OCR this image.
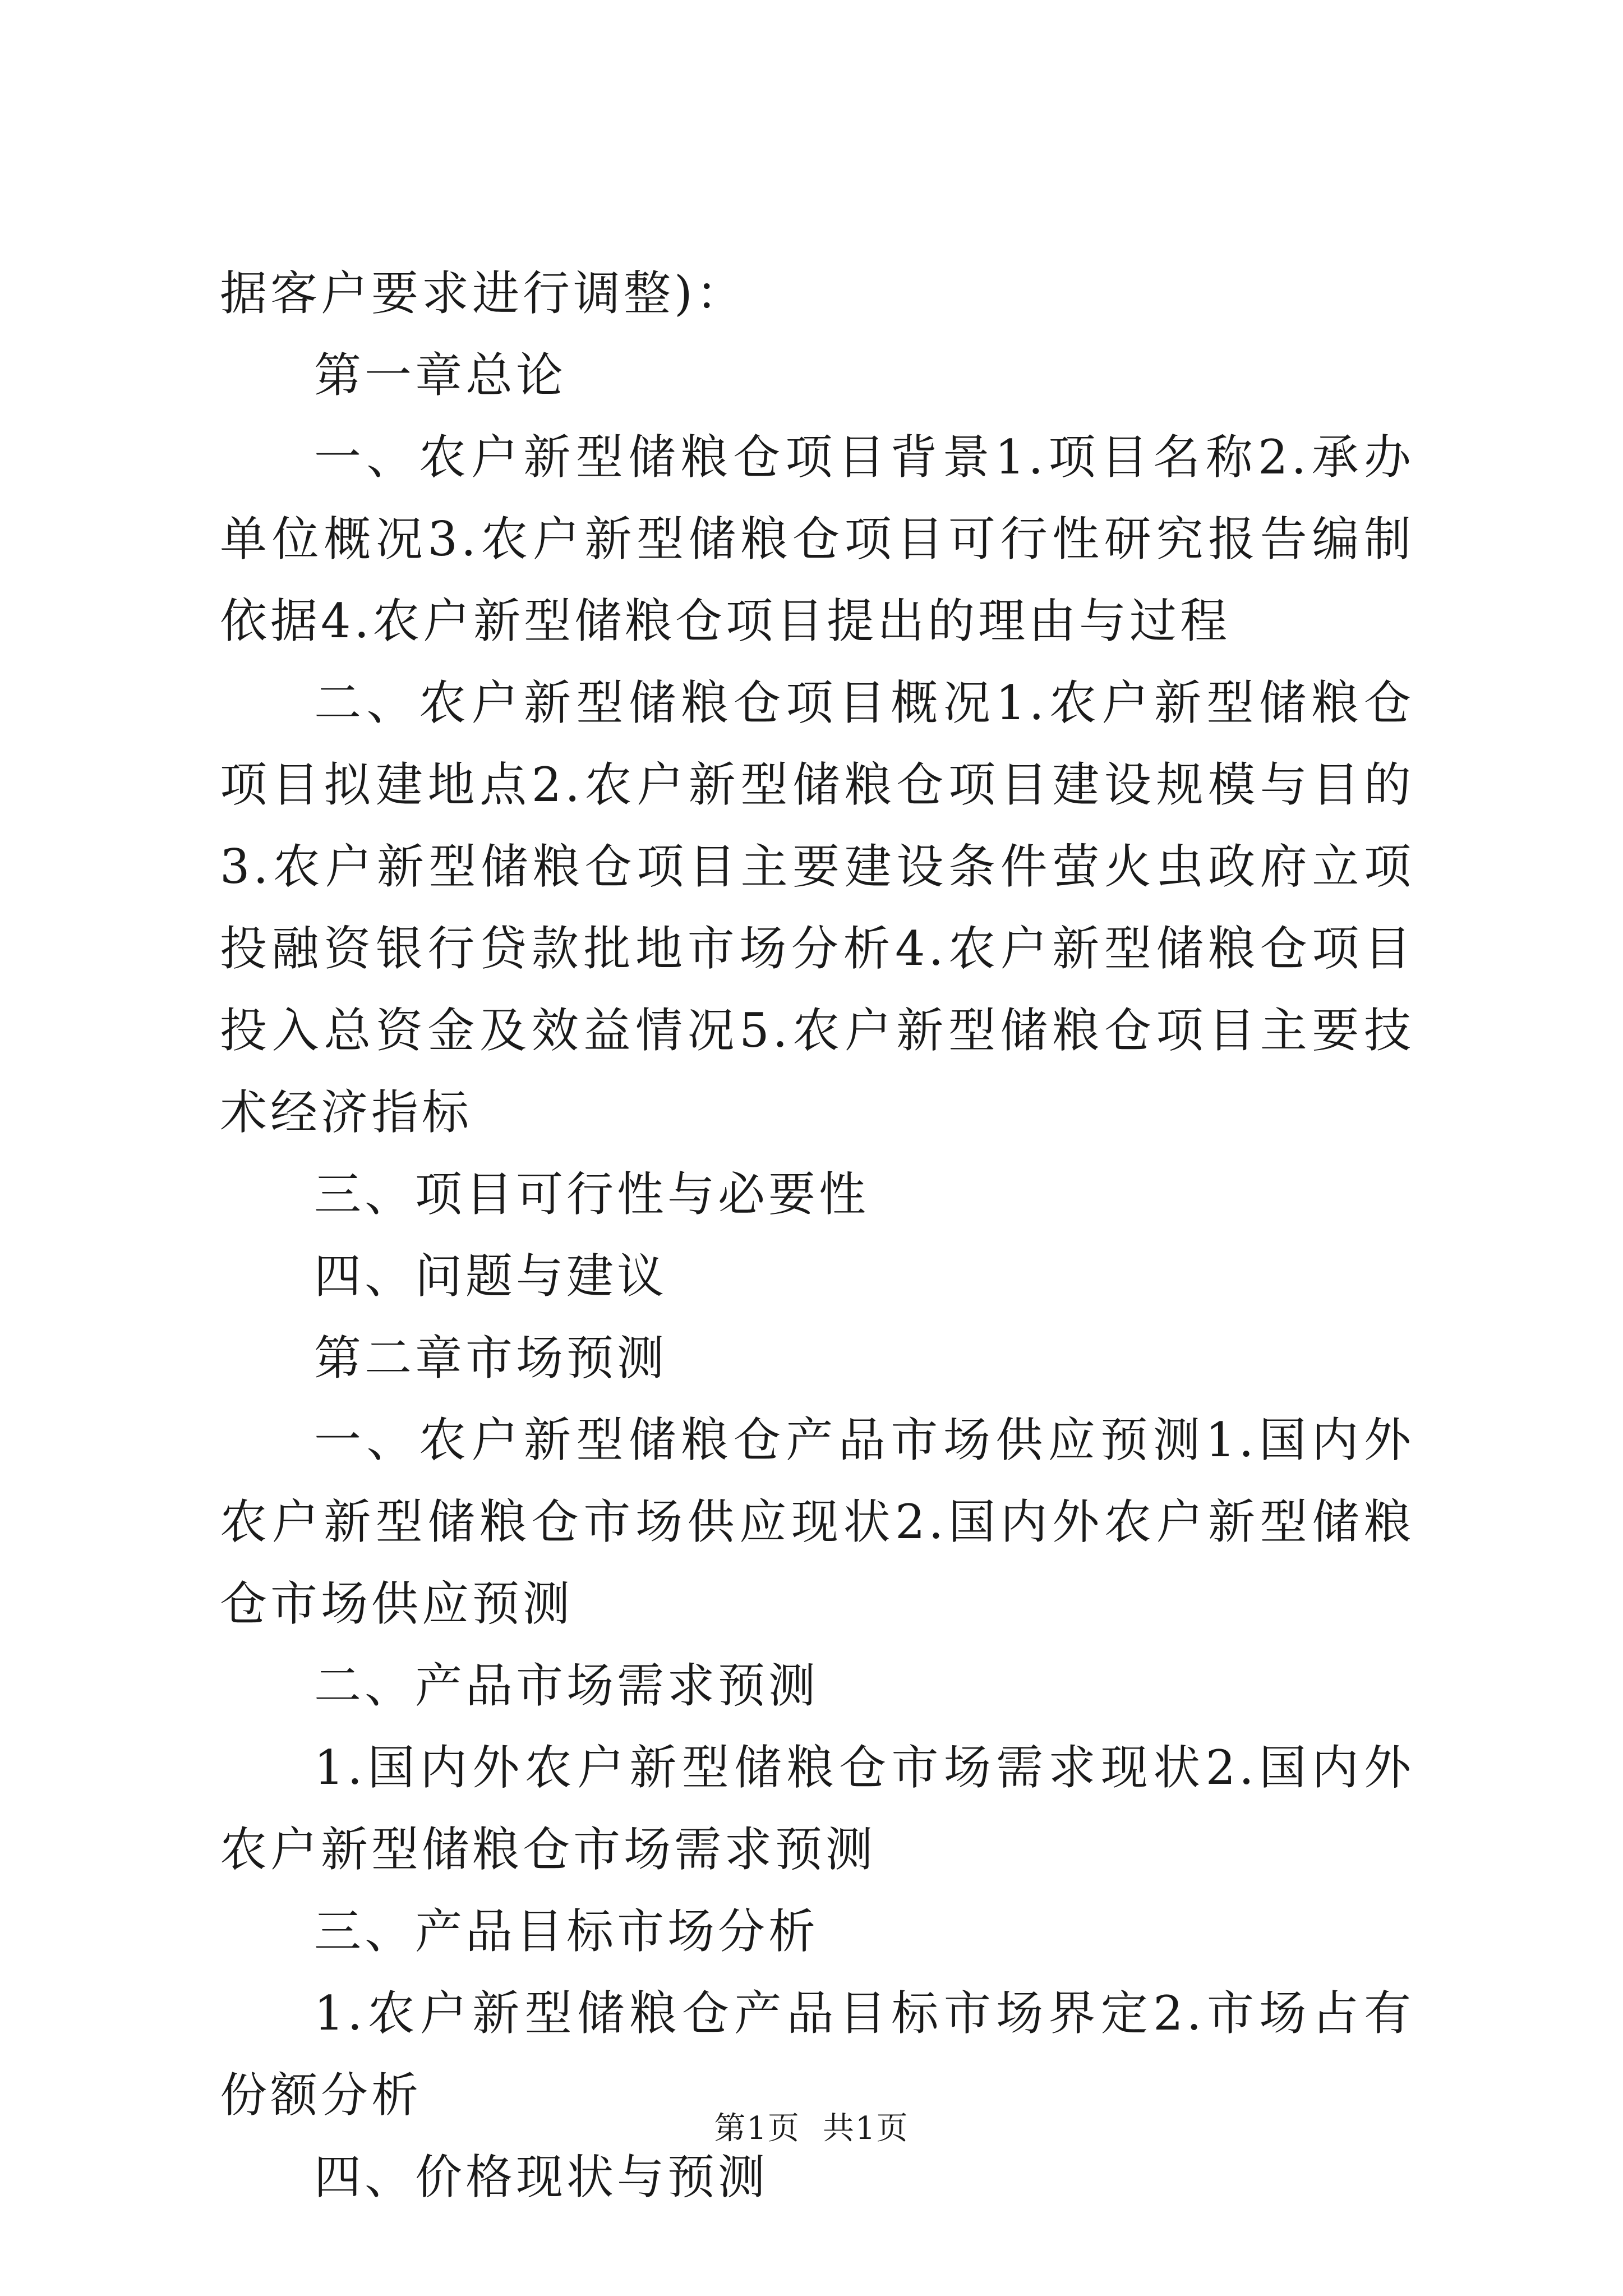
据客户要求进行调整)：

第一章总论

一、农户新型储粮仓项目背景1.项目名称2.承办单位概况3.农户新型储粮仓项目可行性研究报告编制依据4.农户新型储粮仓项目提出的理由与过程

二、农户新型储粮仓项目概况1.农户新型储粮仓项目拟建地点2.农户新型储粮仓项目建设规模与目的3.农户新型储粮仓项目主要建设条件萤火虫政府立项投融资银行贷款批地市场分析4.农户新型储粮仓项目投入总资金及效益情况5.农户新型储粮仓项目主要技术经济指标

三、项目可行性与必要性

四、问题与建议

第二章市场预测

一、农户新型储粮仓产品市场供应预测1.国内外农户新型储粮仓市场供应现状2.国内外农户新型储粮仓市场供应预测

二、产品市场需求预测

1.国内外农户新型储粮仓市场需求现状2.国内外农户新型储粮仓市场需求预测

三、产品目标市场分析

1.农户新型储粮仓产品目标市场界定2.市场占有份额分析

四、价格现状与预测

第1页 共1页
